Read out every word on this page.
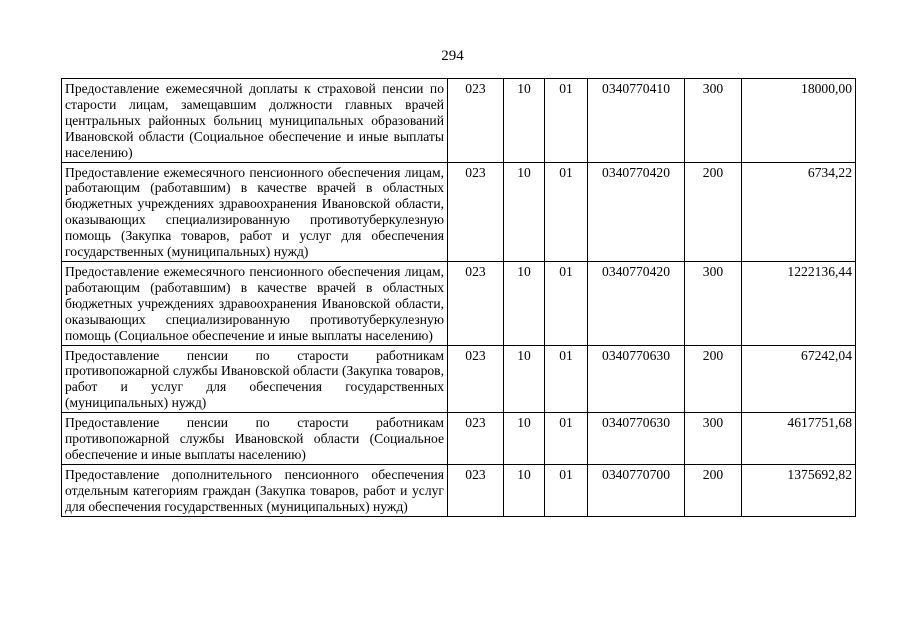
294
Предоставление ежемесячной доплаты к страховой пенсии по старости лицам, замещавшим должности главных врачей центральных районных больниц муниципальных образований Ивановской области (Социальное обеспечение и иные выплаты населению)	023	10	01	0340770410	300	18000,00
Предоставление ежемесячного пенсионного обеспечения лицам, работающим (работавшим) в качестве врачей в областных бюджетных учреждениях здравоохранения Ивановской области, оказывающих специализированную противотуберкулезную помощь (Закупка товаров, работ и услуг для обеспечения государственных (муниципальных) нужд)	023	10	01	0340770420	200	6734,22
Предоставление ежемесячного пенсионного обеспечения лицам, работающим (работавшим) в качестве врачей в областных бюджетных учреждениях здравоохранения Ивановской области, оказывающих специализированную противотуберкулезную помощь (Социальное обеспечение и иные выплаты населению)	023	10	01	0340770420	300	1222136,44
Предоставление пенсии по старости работникам противопожарной службы Ивановской области (Закупка товаров, работ и услуг для обеспечения государственных (муниципальных) нужд)	023	10	01	0340770630	200	67242,04
Предоставление пенсии по старости работникам противопожарной службы Ивановской области (Социальное обеспечение и иные выплаты населению)	023	10	01	0340770630	300	4617751,68
Предоставление дополнительного пенсионного обеспечения отдельным категориям граждан (Закупка товаров, работ и услуг для обеспечения государственных (муниципальных) нужд)	023	10	01	0340770700	200	1375692,82
